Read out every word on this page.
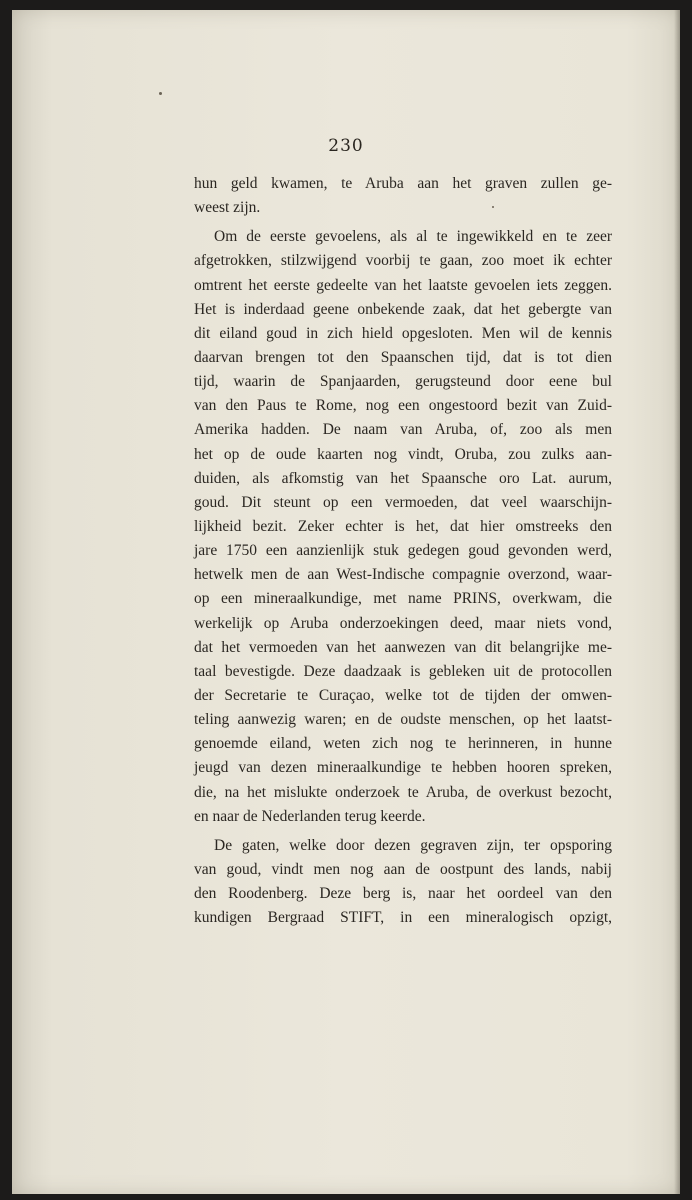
230
hun geld kwamen, te Aruba aan het graven zullen ge-
weest zijn.
Om de eerste gevoelens, als al te ingewikkeld en te zeer
afgetrokken, stilzwijgend voorbij te gaan, zoo moet ik echter
omtrent het eerste gedeelte van het laatste gevoelen iets zeggen.
Het is inderdaad geene onbekende zaak, dat het gebergte van
dit eiland goud in zich hield opgesloten. Men wil de kennis
daarvan brengen tot den Spaanschen tijd, dat is tot dien
tijd, waarin de Spanjaarden, gerugsteund door eene bul
van den Paus te Rome, nog een ongestoord bezit van Zuid-
Amerika hadden. De naam van Aruba, of, zoo als men
het op de oude kaarten nog vindt, Oruba, zou zulks aan-
duiden, als afkomstig van het Spaansche oro Lat. aurum,
goud. Dit steunt op een vermoeden, dat veel waarschijn-
lijkheid bezit. Zeker echter is het, dat hier omstreeks den
jare 1750 een aanzienlijk stuk gedegen goud gevonden werd,
hetwelk men de aan West-Indische compagnie overzond, waar-
op een mineraalkundige, met name PRINS, overkwam, die
werkelijk op Aruba onderzoekingen deed, maar niets vond,
dat het vermoeden van het aanwezen van dit belangrijke me-
taal bevestigde. Deze daadzaak is gebleken uit de protocollen
der Secretarie te Curaçao, welke tot de tijden der omwen-
teling aanwezig waren; en de oudste menschen, op het laatst-
genoemde eiland, weten zich nog te herinneren, in hunne
jeugd van dezen mineraalkundige te hebben hooren spreken,
die, na het mislukte onderzoek te Aruba, de overkust bezocht,
en naar de Nederlanden terug keerde.
De gaten, welke door dezen gegraven zijn, ter opsporing
van goud, vindt men nog aan de oostpunt des lands, nabij
den Roodenberg. Deze berg is, naar het oordeel van den
kundigen Bergraad STIFT, in een mineralogisch opzigt,
